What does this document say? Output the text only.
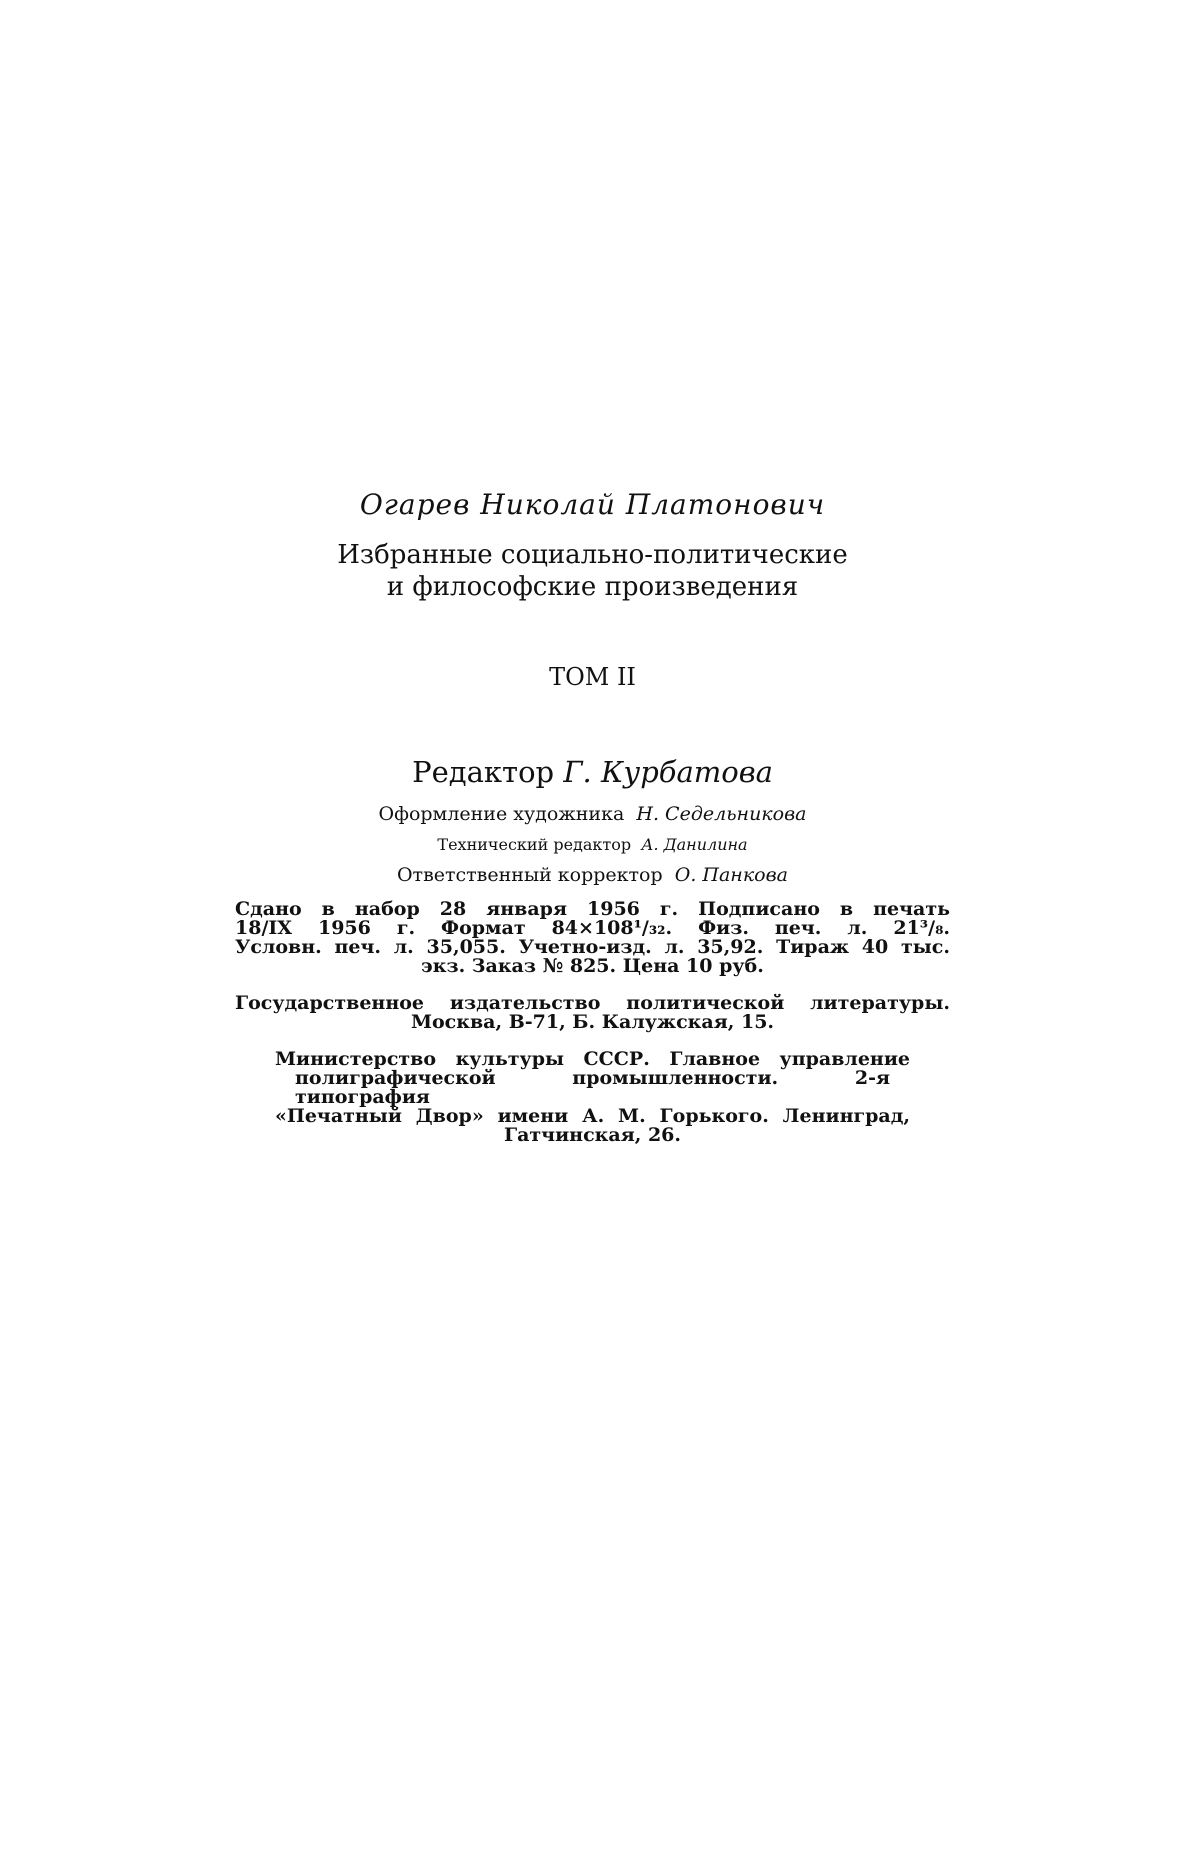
Огарев Николай Платонович

Избранные социально-политические

и философские произведения

ТОМ II

Редактор Г. Курбатова

Оформление художника Н. Седельникова

Технический редактор А. Данилина

Ответственный корректор О. Панкова

Сдано в набор 28 января 1956 г. Подписано в печать
18/IX 1956 г. Формат 84×108¹/₃₂. Физ. печ. л. 21³/₈.
Условн. печ. л. 35,055. Учетно-изд. л. 35,92. Тираж 40 тыс.
экз. Заказ № 825. Цена 10 руб.
Государственное издательство политической литературы.
Москва, В-71, Б. Калужская, 15.
Министерство культуры СССР. Главное управление
полиграфической промышленности. 2-я типография
«Печатный Двор» имени А. М. Горького. Ленинград,
Гатчинская, 26.
